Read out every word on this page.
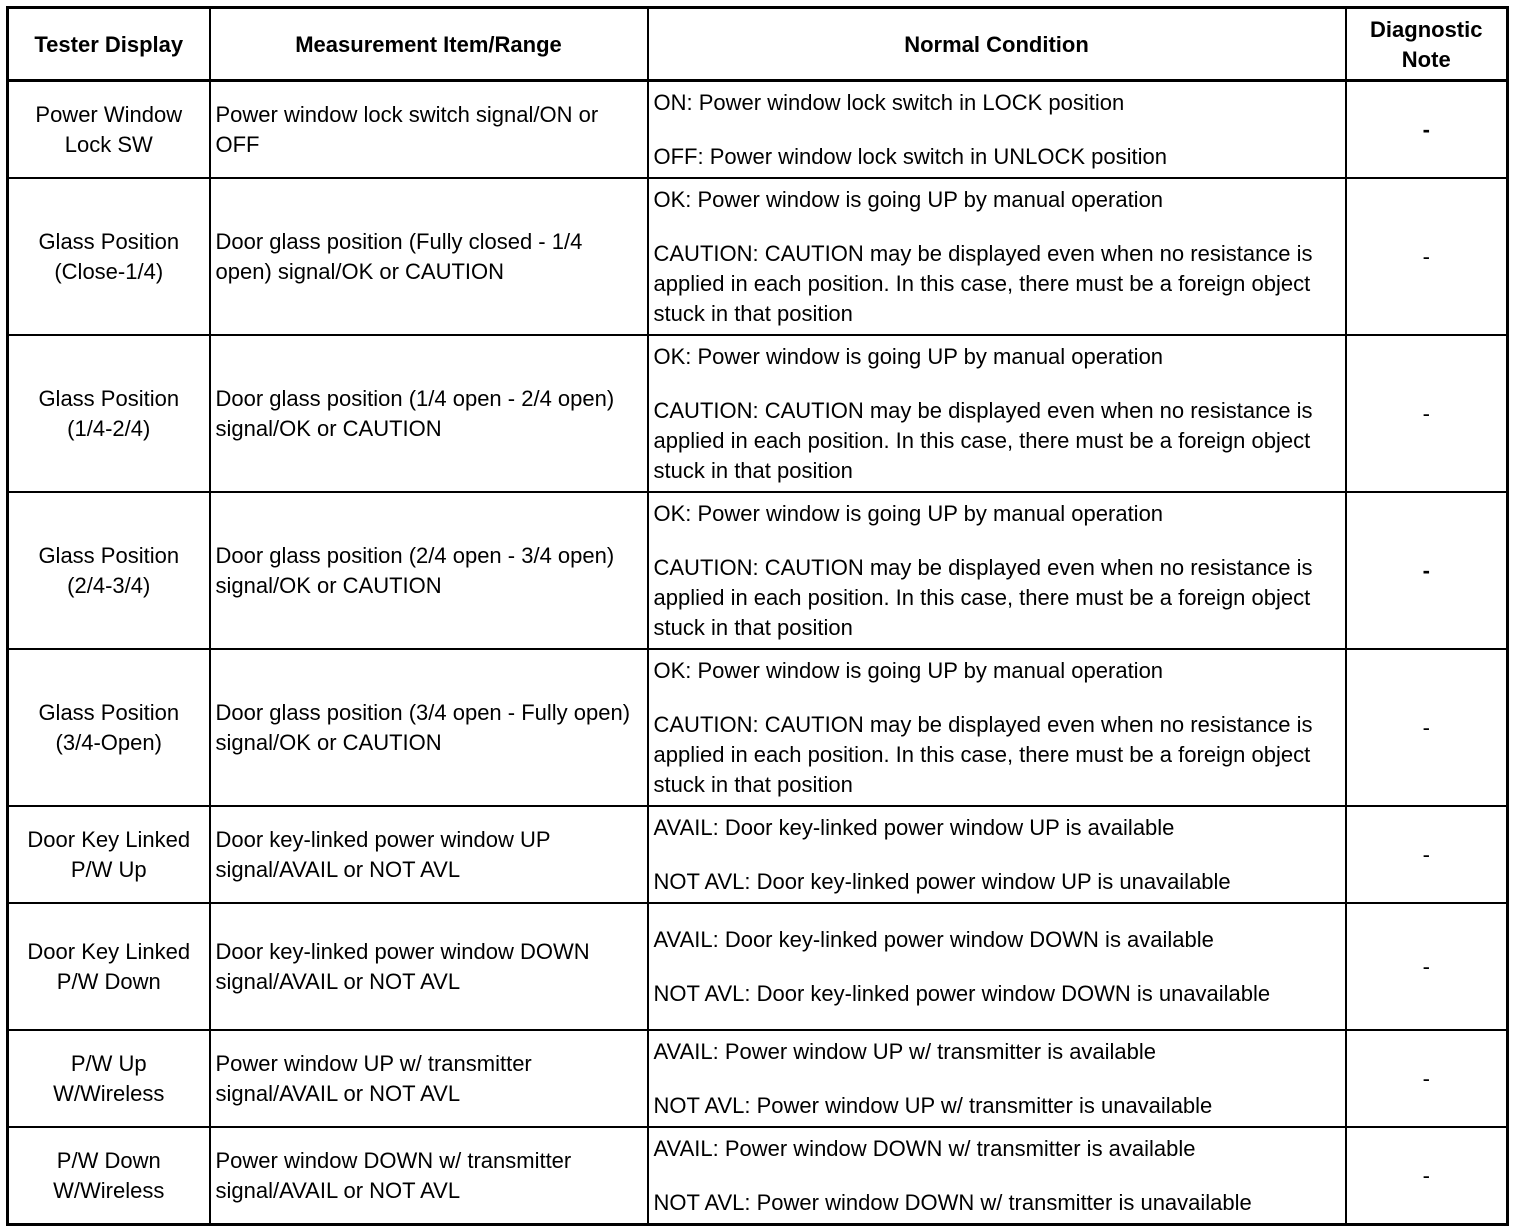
Tester Display	Measurement Item/Range	Normal Condition	Diagnostic Note
Power Window Lock SW	Power window lock switch signal/ON or OFF	ON: Power window lock switch in LOCK position

OFF: Power window lock switch in UNLOCK position	-
Glass Position (Close-1/4)	Door glass position (Fully closed - 1/4 open) signal/OK or CAUTION	OK: Power window is going UP by manual operation

CAUTION: CAUTION may be displayed even when no resistance is applied in each position. In this case, there must be a foreign object stuck in that position	-
Glass Position (1/4-2/4)	Door glass position (1/4 open - 2/4 open) signal/OK or CAUTION	OK: Power window is going UP by manual operation

CAUTION: CAUTION may be displayed even when no resistance is applied in each position. In this case, there must be a foreign object stuck in that position	-
Glass Position (2/4-3/4)	Door glass position (2/4 open - 3/4 open) signal/OK or CAUTION	OK: Power window is going UP by manual operation

CAUTION: CAUTION may be displayed even when no resistance is applied in each position. In this case, there must be a foreign object stuck in that position	-
Glass Position (3/4-Open)	Door glass position (3/4 open - Fully open) signal/OK or CAUTION	OK: Power window is going UP by manual operation

CAUTION: CAUTION may be displayed even when no resistance is applied in each position. In this case, there must be a foreign object stuck in that position	-
Door Key Linked P/W Up	Door key-linked power window UP signal/AVAIL or NOT AVL	AVAIL: Door key-linked power window UP is available

NOT AVL: Door key-linked power window UP is unavailable	-
Door Key Linked P/W Down	Door key-linked power window DOWN signal/AVAIL or NOT AVL	AVAIL: Door key-linked power window DOWN is available

NOT AVL: Door key-linked power window DOWN is unavailable	-
P/W Up W/Wireless	Power window UP w/ transmitter signal/AVAIL or NOT AVL	AVAIL: Power window UP w/ transmitter is available

NOT AVL: Power window UP w/ transmitter is unavailable	-
P/W Down W/Wireless	Power window DOWN w/ transmitter signal/AVAIL or NOT AVL	AVAIL: Power window DOWN w/ transmitter is available

NOT AVL: Power window DOWN w/ transmitter is unavailable	-
